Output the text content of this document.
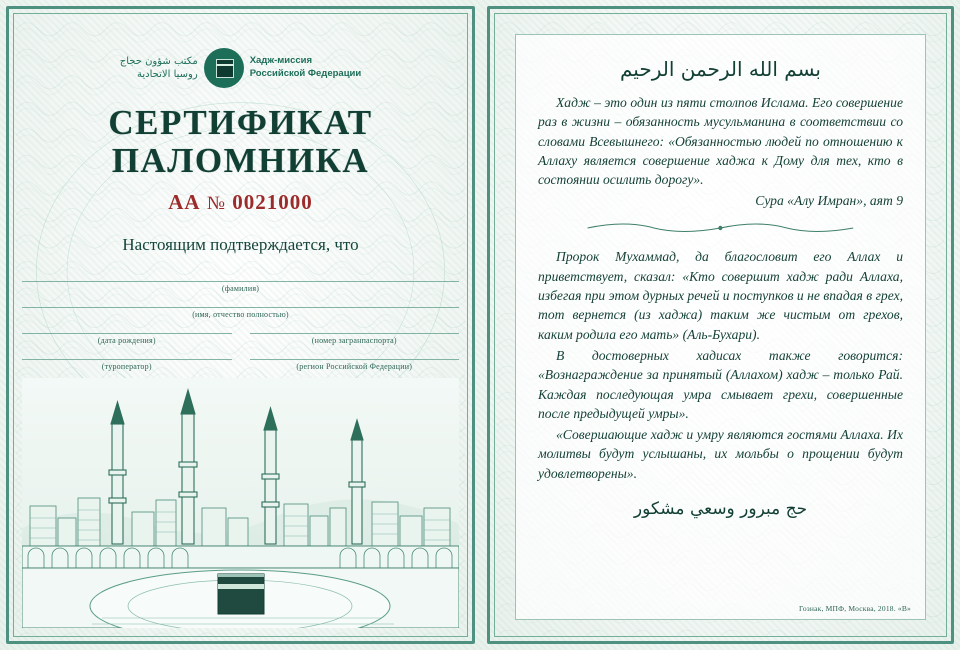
مكتب شؤون حجاج
روسيا الاتحادية
Хадж-миссия
Российской Федерации
СЕРТИФИКАТ
ПАЛОМНИКА
АА № 0021000
Настоящим подтверждается, что
(фамилия)
(имя, отчество полностью)
(дата рождения)	(номер загранпаспорта)
(туроператор)	(регион Российской Федерации)
بسم الله الرحمن الرحيم

Хадж – это один из пяти столпов Ислама. Его совершение раз в жизни – обязанность мусульманина в соответствии со словами Всевышнего: «Обязанностью людей по отношению к Аллаху является совершение хаджа к Дому для тех, кто в состоянии осилить дорогу».

Сура «Алу Имран», аят 9

Пророк Мухаммад, да благословит его Аллах и приветствует, сказал: «Кто совершит хадж ради Аллаха, избегая при этом дурных речей и поступков и не впадая в грех, тот вернется (из хаджа) таким же чистым от грехов, каким родила его мать» (Аль-Бухари).

В достоверных хадисах также говорится: «Вознаграждение за принятый (Аллахом) хадж – только Рай. Каждая последующая умра смывает грехи, совершенные после предыдущей умры».

«Совершающие хадж и умру являются гостями Аллаха. Их молитвы будут услышаны, их мольбы о прощении будут удовлетворены».

حج مبرور وسعي مشكور
Гознак, МПФ, Москва, 2018. «В»
